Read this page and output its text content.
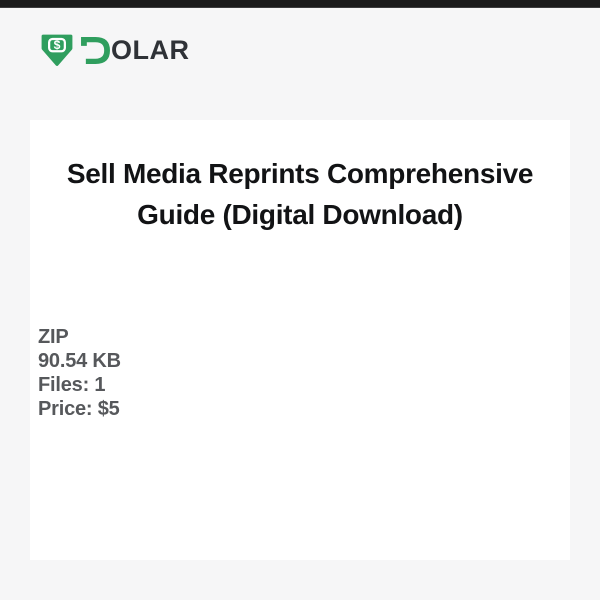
$ OLAR
Sell Media Reprints Comprehensive
Guide (Digital Download)
ZIP
90.54 KB
Files: 1
Price: $5
